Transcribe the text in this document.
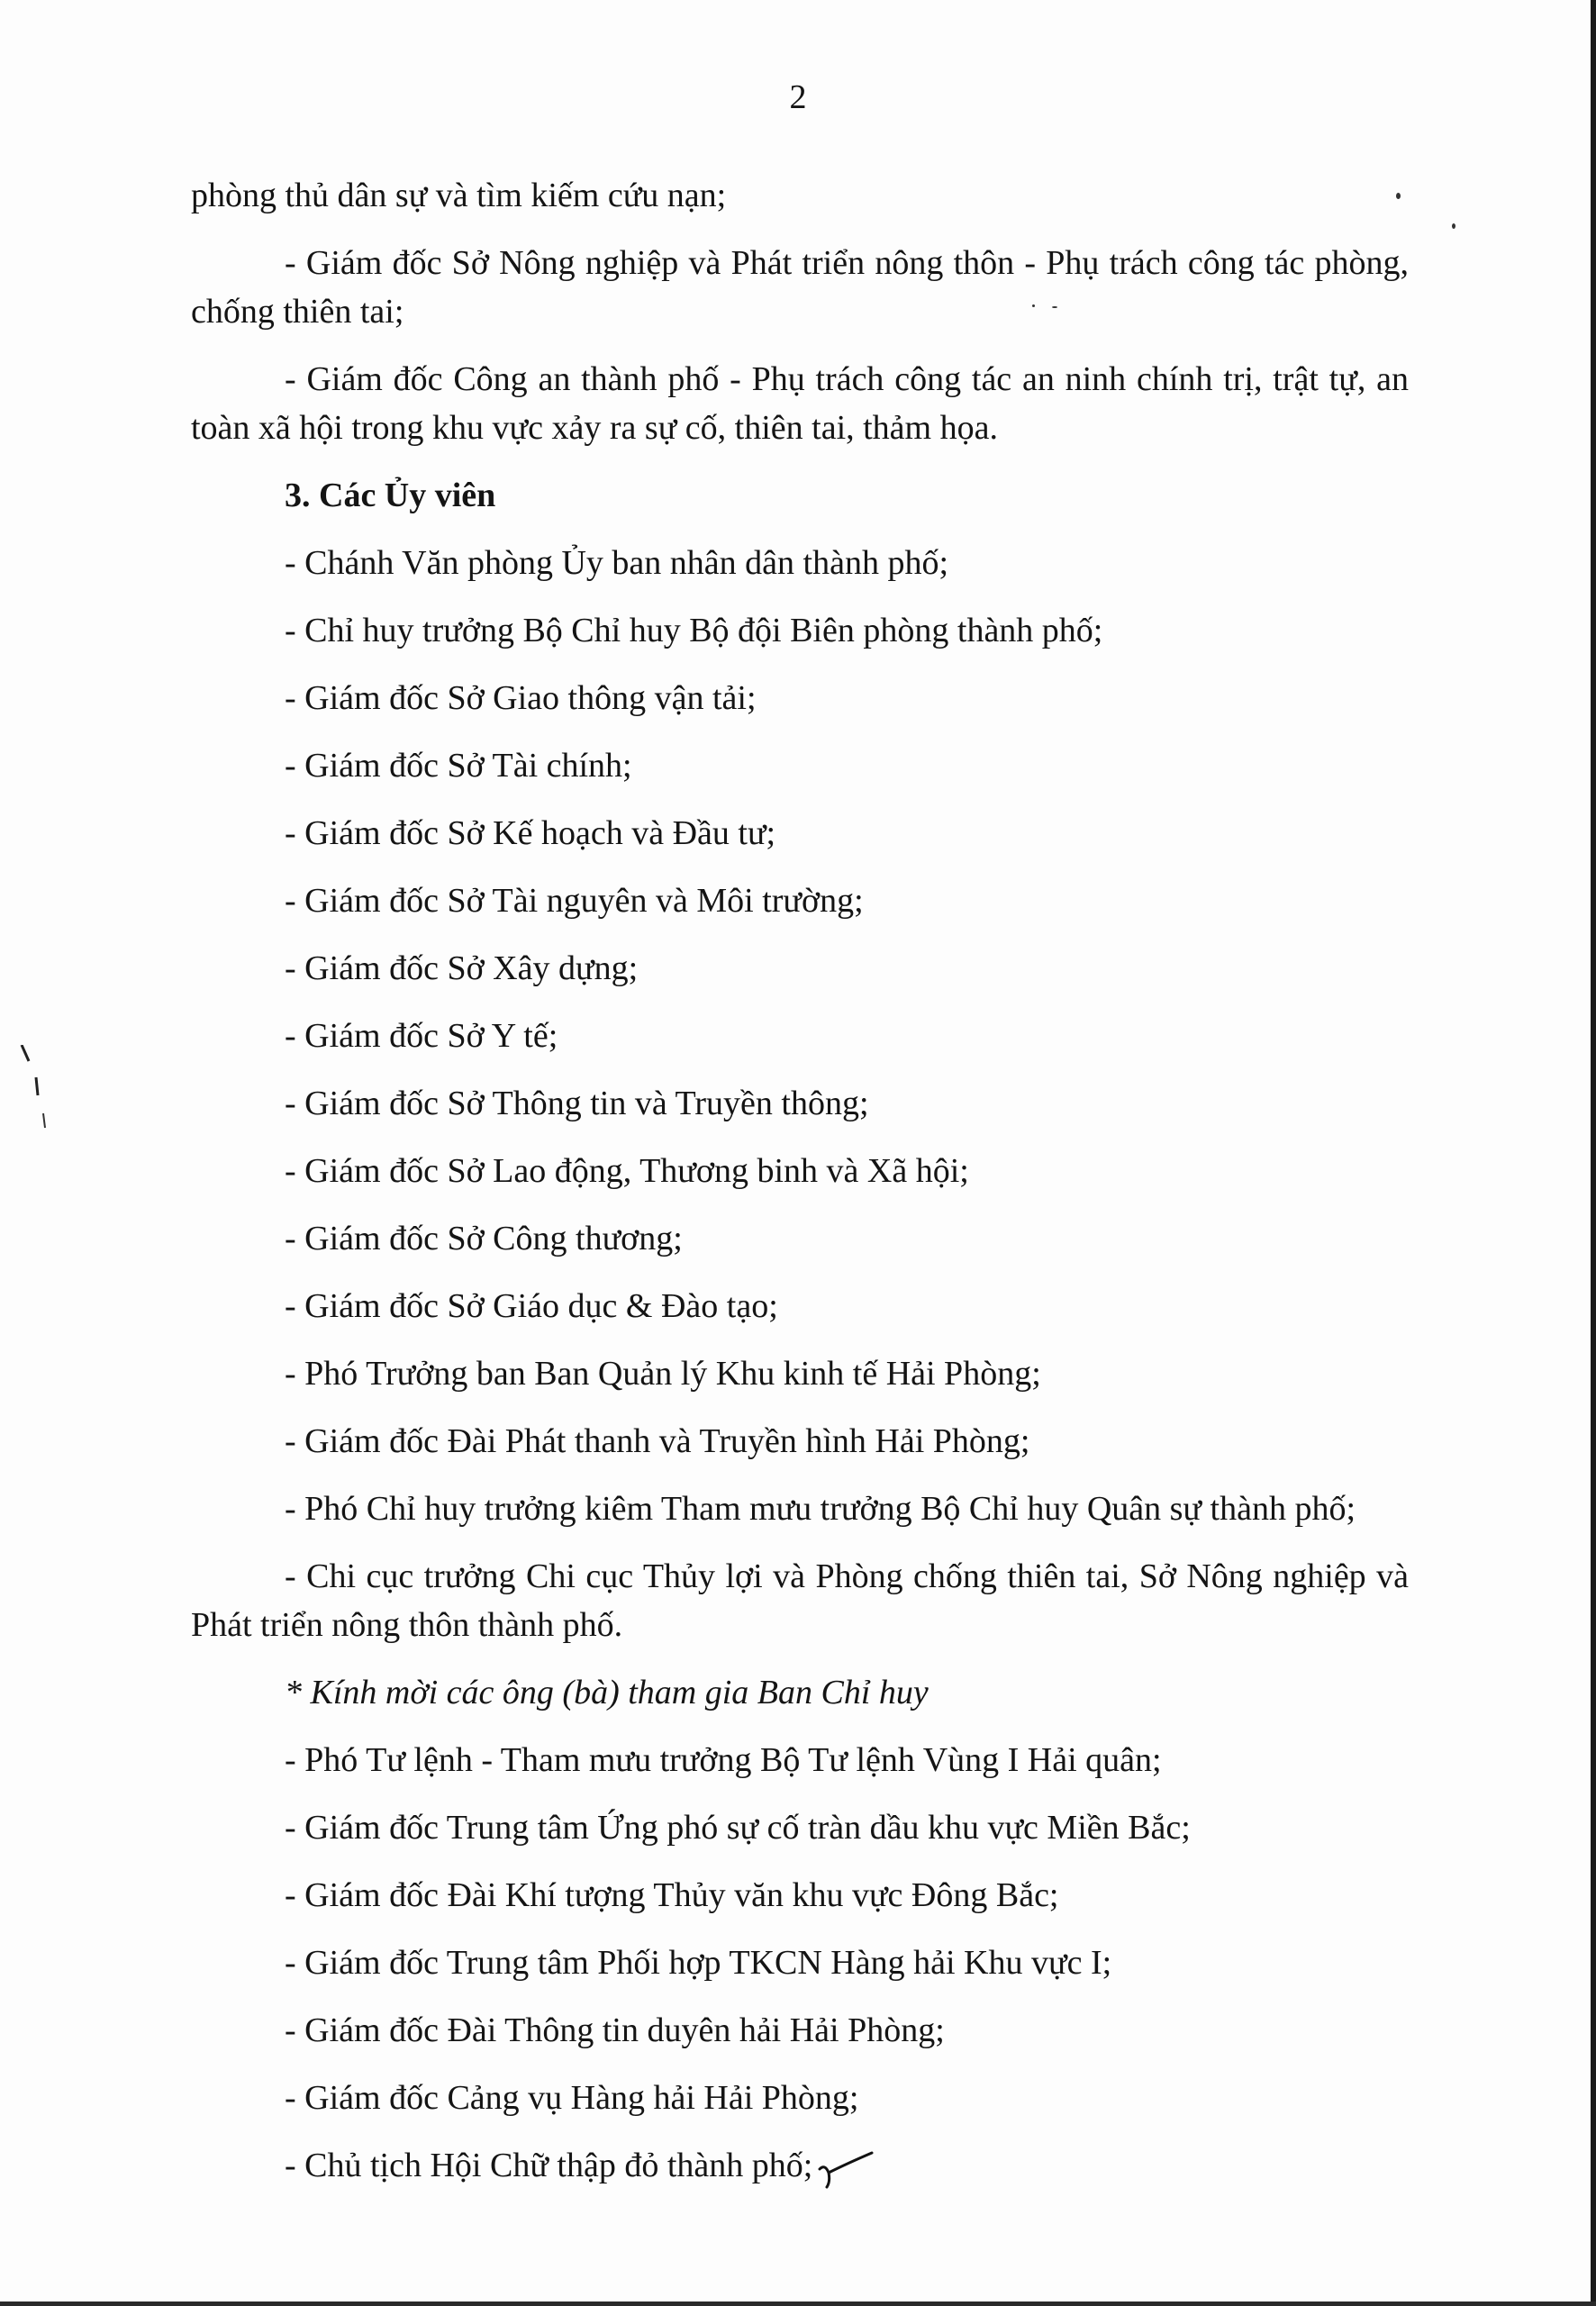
2

phòng thủ dân sự và tìm kiếm cứu nạn;

- Giám đốc Sở Nông nghiệp và Phát triển nông thôn - Phụ trách công tác phòng, chống thiên tai;

- Giám đốc Công an thành phố - Phụ trách công tác an ninh chính trị, trật tự, an toàn xã hội trong khu vực xảy ra sự cố, thiên tai, thảm họa.

3. Các Ủy viên
- Chánh Văn phòng Ủy ban nhân dân thành phố;
- Chỉ huy trưởng Bộ Chỉ huy Bộ đội Biên phòng thành phố;
- Giám đốc Sở Giao thông vận tải;
- Giám đốc Sở Tài chính;
- Giám đốc Sở Kế hoạch và Đầu tư;
- Giám đốc Sở Tài nguyên và Môi trường;
- Giám đốc Sở Xây dựng;
- Giám đốc Sở Y tế;
- Giám đốc Sở Thông tin và Truyền thông;
- Giám đốc Sở Lao động, Thương binh và Xã hội;
- Giám đốc Sở Công thương;
- Giám đốc Sở Giáo dục & Đào tạo;
- Phó Trưởng ban Ban Quản lý Khu kinh tế Hải Phòng;
- Giám đốc Đài Phát thanh và Truyền hình Hải Phòng;
- Phó Chỉ huy trưởng kiêm Tham mưu trưởng Bộ Chỉ huy Quân sự thành phố;

- Chi cục trưởng Chi cục Thủy lợi và Phòng chống thiên tai, Sở Nông nghiệp và Phát triển nông thôn thành phố.

* Kính mời các ông (bà) tham gia Ban Chỉ huy
- Phó Tư lệnh - Tham mưu trưởng Bộ Tư lệnh Vùng I Hải quân;
- Giám đốc Trung tâm Ứng phó sự cố tràn dầu khu vực Miền Bắc;
- Giám đốc Đài Khí tượng Thủy văn khu vực Đông Bắc;
- Giám đốc Trung tâm Phối hợp TKCN Hàng hải Khu vực I;
- Giám đốc Đài Thông tin duyên hải Hải Phòng;
- Giám đốc Cảng vụ Hàng hải Hải Phòng;
- Chủ tịch Hội Chữ thập đỏ thành phố;
